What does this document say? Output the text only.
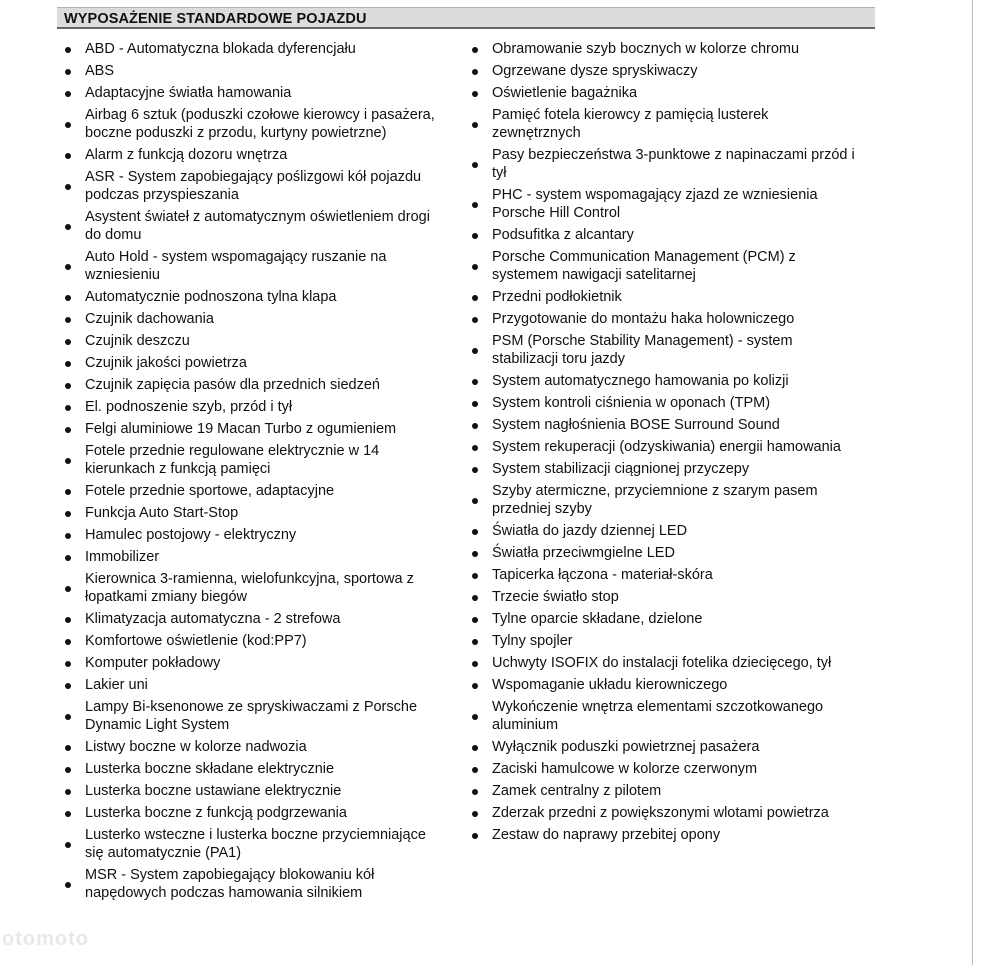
WYPOSAŻENIE STANDARDOWE POJAZDU
ABD - Automatyczna blokada dyferencjału
ABS
Adaptacyjne światła hamowania
Airbag 6 sztuk (poduszki czołowe kierowcy i pasażera, boczne poduszki z przodu, kurtyny powietrzne)
Alarm z funkcją dozoru wnętrza
ASR - System zapobiegający poślizgowi kół pojazdu podczas przyspieszania
Asystent świateł z automatycznym oświetleniem drogi do domu
Auto Hold - system wspomagający ruszanie na wzniesieniu
Automatycznie podnoszona tylna klapa
Czujnik dachowania
Czujnik deszczu
Czujnik jakości powietrza
Czujnik zapięcia pasów dla przednich siedzeń
El. podnoszenie szyb, przód i tył
Felgi aluminiowe 19 Macan Turbo z ogumieniem
Fotele przednie regulowane elektrycznie w 14 kierunkach z funkcją pamięci
Fotele przednie sportowe, adaptacyjne
Funkcja Auto Start-Stop
Hamulec postojowy - elektryczny
Immobilizer
Kierownica 3-ramienna, wielofunkcyjna, sportowa z łopatkami zmiany biegów
Klimatyzacja automatyczna - 2 strefowa
Komfortowe oświetlenie (kod:PP7)
Komputer pokładowy
Lakier uni
Lampy Bi-ksenonowe ze spryskiwaczami z Porsche Dynamic Light System
Listwy boczne w kolorze nadwozia
Lusterka boczne składane elektrycznie
Lusterka boczne ustawiane elektrycznie
Lusterka boczne z funkcją podgrzewania
Lusterko wsteczne i lusterka boczne przyciemniające się automatycznie (PA1)
MSR - System zapobiegający blokowaniu kół napędowych podczas hamowania silnikiem
Obramowanie szyb bocznych w kolorze chromu
Ogrzewane dysze spryskiwaczy
Oświetlenie bagażnika
Pamięć fotela kierowcy z pamięcią lusterek zewnętrznych
Pasy bezpieczeństwa 3-punktowe z napinaczami przód i tył
PHC - system wspomagający zjazd ze wzniesienia Porsche Hill Control
Podsufitka z alcantary
Porsche Communication Management (PCM) z systemem nawigacji satelitarnej
Przedni podłokietnik
Przygotowanie do montażu haka holowniczego
PSM (Porsche Stability Management) - system stabilizacji toru jazdy
System automatycznego hamowania po kolizji
System kontroli ciśnienia w oponach (TPM)
System nagłośnienia BOSE Surround Sound
System rekuperacji (odzyskiwania) energii hamowania
System stabilizacji ciągnionej przyczepy
Szyby atermiczne, przyciemnione z szarym pasem przedniej szyby
Światła do jazdy dziennej LED
Światła przeciwmgielne LED
Tapicerka łączona - materiał-skóra
Trzecie światło stop
Tylne oparcie składane, dzielone
Tylny spojler
Uchwyty ISOFIX do instalacji fotelika dziecięcego, tył
Wspomaganie układu kierowniczego
Wykończenie wnętrza elementami szczotkowanego aluminium
Wyłącznik poduszki powietrznej pasażera
Zaciski hamulcowe w kolorze czerwonym
Zamek centralny z pilotem
Zderzak przedni z powiększonymi wlotami powietrza
Zestaw do naprawy przebitej opony
otomoto
